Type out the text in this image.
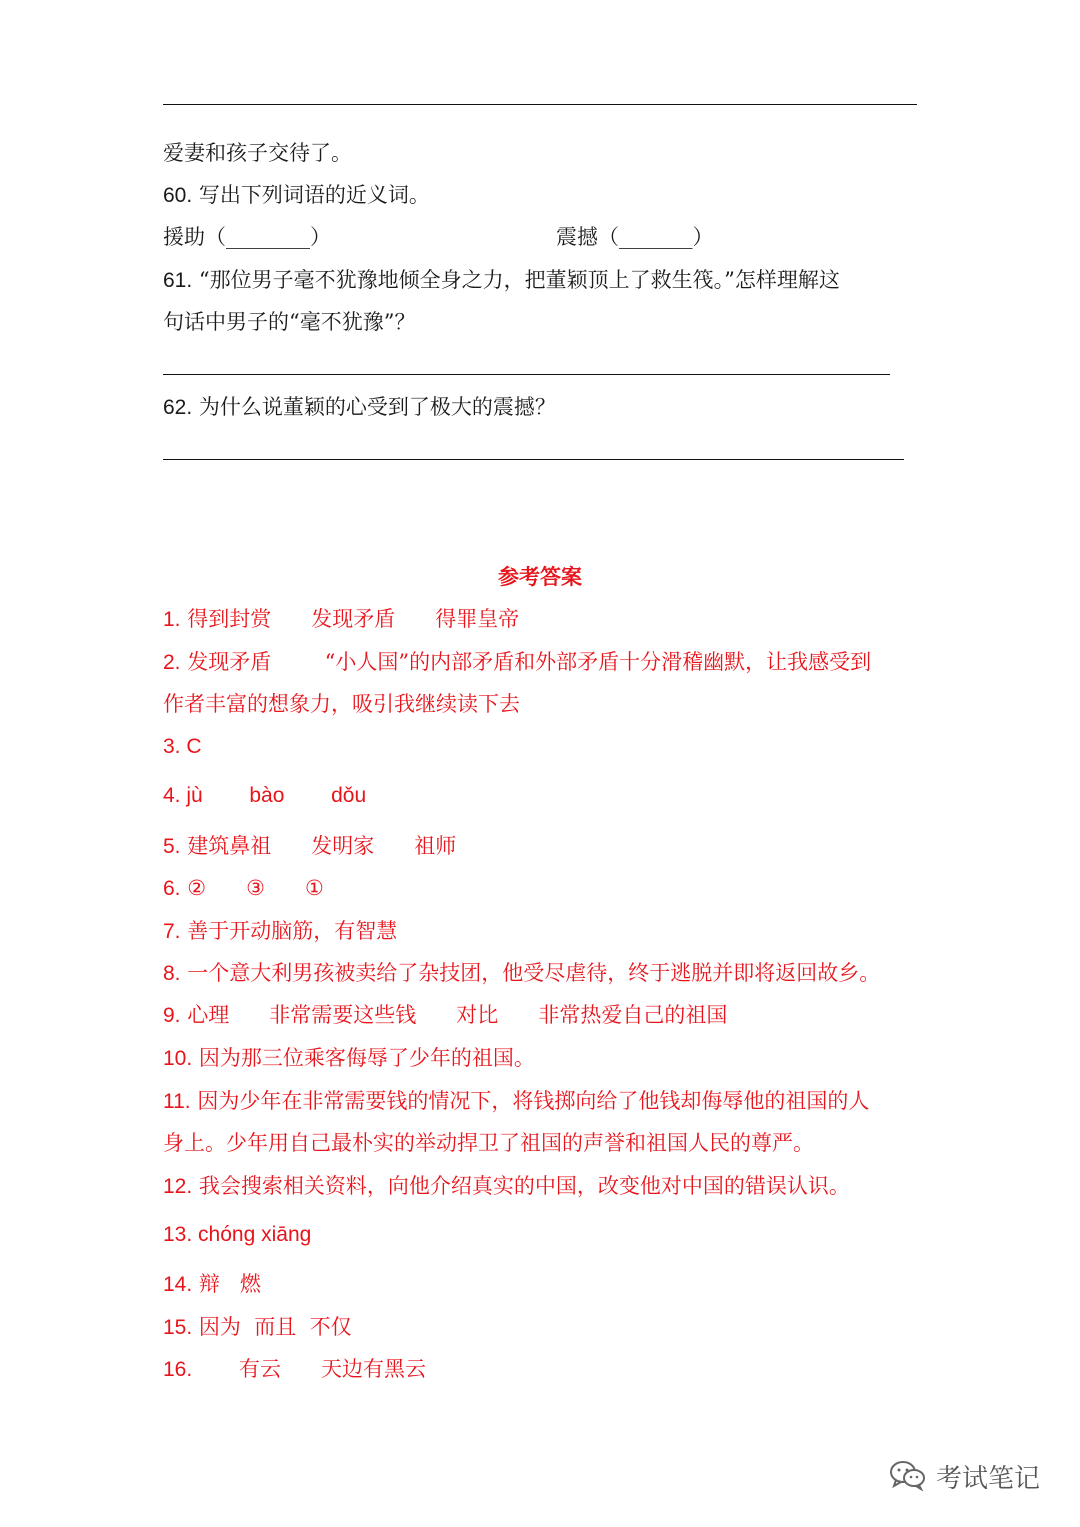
爱妻和孩子交待了。
60. 写出下列词语的近义词。
援助（________）	震撼（_______）
61. “那位男子毫不犹豫地倾全身之力，把董颖顶上了救生筏。”怎样理解这
句话中男子的“毫不犹豫”？
62. 为什么说董颖的心受到了极大的震撼？
参考答案
1. 得到封赏      发现矛盾      得罪皇帝
2. 发现矛盾        “小人国”的内部矛盾和外部矛盾十分滑稽幽默，让我感受到
作者丰富的想象力，吸引我继续读下去
3. C
4. jù        bào        dǒu
5. 建筑鼻祖      发明家      祖师
6. ②      ③      ①
7. 善于开动脑筋，有智慧
8. 一个意大利男孩被卖给了杂技团，他受尽虐待，终于逃脱并即将返回故乡。
9. 心理      非常需要这些钱      对比      非常热爱自己的祖国
10. 因为那三位乘客侮辱了少年的祖国。
11. 因为少年在非常需要钱的情况下，将钱掷向给了他钱却侮辱他的祖国的人
身上。少年用自己最朴实的举动捍卫了祖国的声誉和祖国人民的尊严。
12. 我会搜索相关资料，向他介绍真实的中国，改变他对中国的错误认识。
13. chóng xiāng
14. 辩   燃
15. 因为  而且  不仅
16.       有云      天边有黑云
考试笔记
